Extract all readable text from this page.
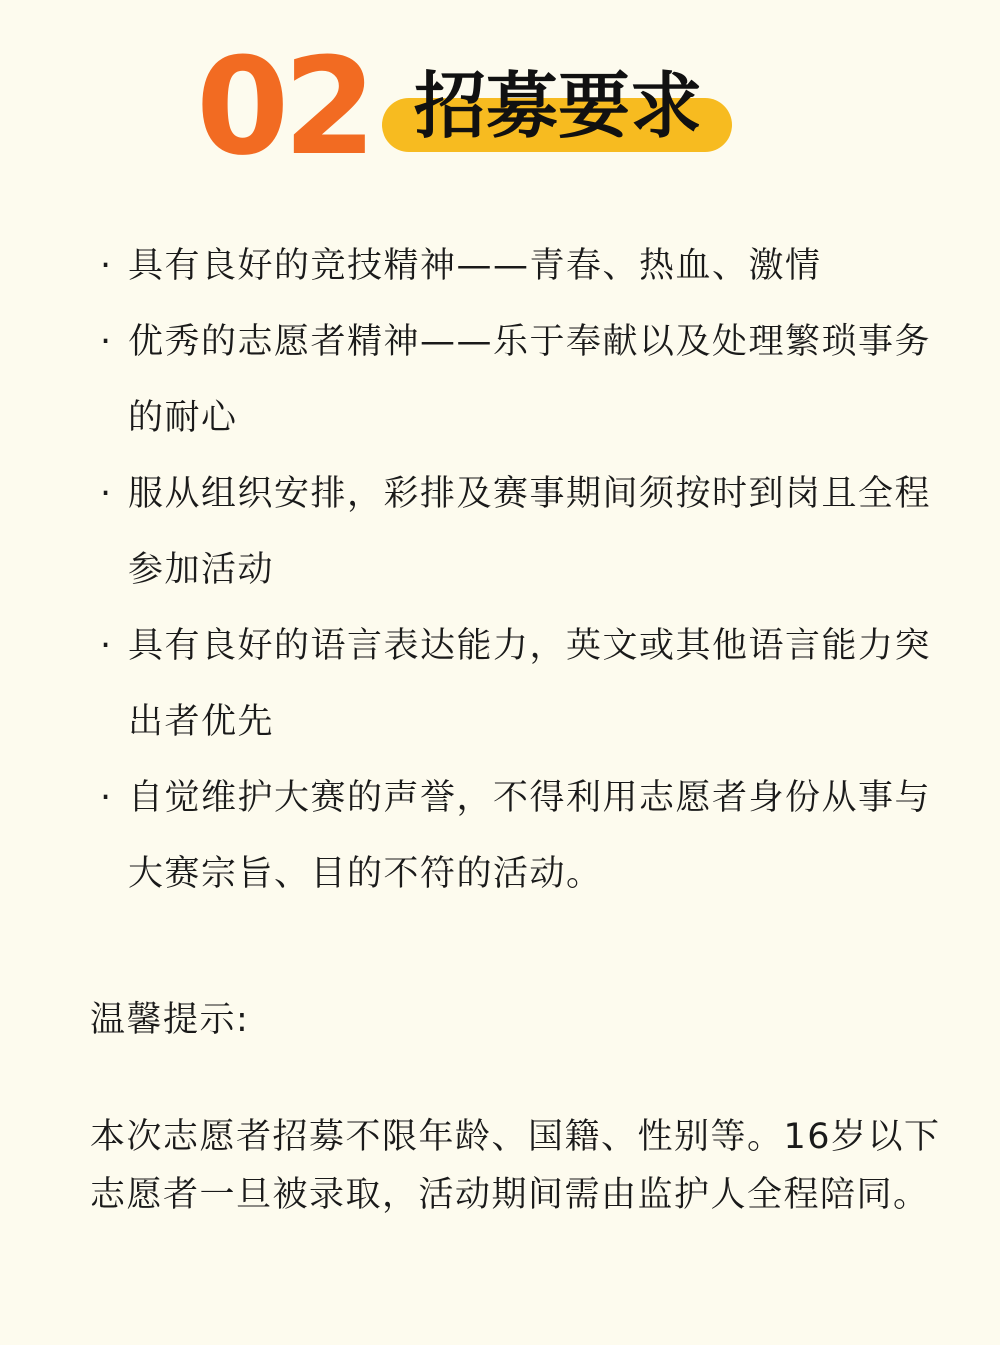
02 招募要求
· 具有良好的竞技精神——青春、热血、激情
· 优秀的志愿者精神——乐于奉献以及处理繁琐事务的耐心
· 服从组织安排，彩排及赛事期间须按时到岗且全程参加活动
· 具有良好的语言表达能力，英文或其他语言能力突出者优先
· 自觉维护大赛的声誉，不得利用志愿者身份从事与大赛宗旨、目的不符的活动。

温馨提示:

本次志愿者招募不限年龄、国籍、性别等。16岁以下志愿者一旦被录取，活动期间需由监护人全程陪同。
